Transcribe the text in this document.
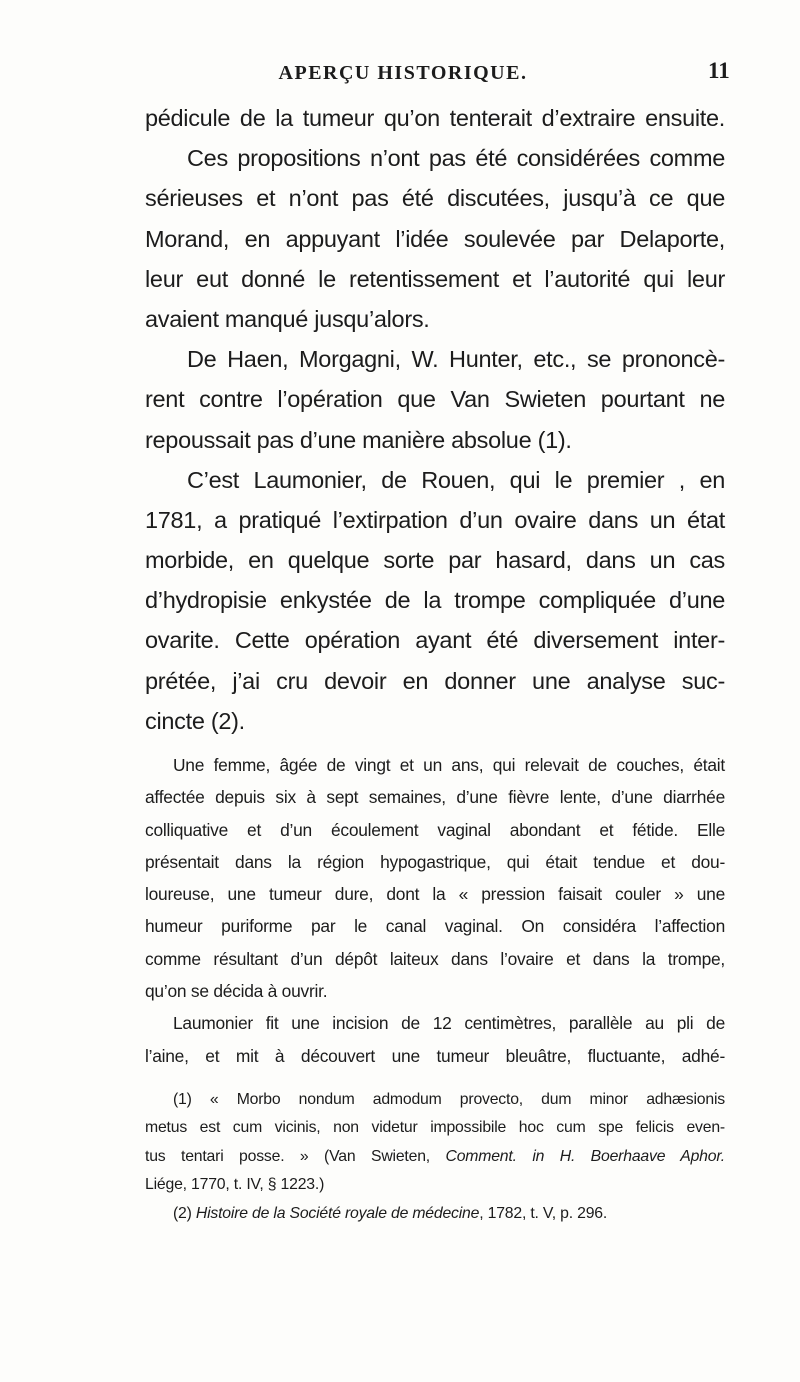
APERÇU HISTORIQUE.	11
pédicule de la tumeur qu’on tenterait d’extraire ensuite.
Ces propositions n’ont pas été considérées comme
sérieuses et n’ont pas été discutées, jusqu’à ce que
Morand, en appuyant l’idée soulevée par Delaporte,
leur eut donné le retentissement et l’autorité qui leur
avaient manqué jusqu’alors.
De Haen, Morgagni, W. Hunter, etc., se prononcè-
rent contre l’opération que Van Swieten pourtant ne
repoussait pas d’une manière absolue (1).
C’est Laumonier, de Rouen, qui le premier , en
1781, a pratiqué l’extirpation d’un ovaire dans un état
morbide, en quelque sorte par hasard, dans un cas
d’hydropisie enkystée de la trompe compliquée d’une
ovarite. Cette opération ayant été diversement inter-
prétée, j’ai cru devoir en donner une analyse suc-
cincte (2).
Une femme, âgée de vingt et un ans, qui relevait de couches, était
affectée depuis six à sept semaines, d’une fièvre lente, d’une diarrhée
colliquative et d’un écoulement vaginal abondant et fétide. Elle
présentait dans la région hypogastrique, qui était tendue et dou-
loureuse, une tumeur dure, dont la « pression faisait couler » une
humeur puriforme par le canal vaginal. On considéra l’affection
comme résultant d’un dépôt laiteux dans l’ovaire et dans la trompe,
qu’on se décida à ouvrir.
Laumonier fit une incision de 12 centimètres, parallèle au pli de
l’aine, et mit à découvert une tumeur bleuâtre, fluctuante, adhé-
(1) « Morbo nondum admodum provecto, dum minor adhæsionis
metus est cum vicinis, non videtur impossibile hoc cum spe felicis even-
tus tentari posse. » (Van Swieten, Comment. in H. Boerhaave Aphor.
Liége, 1770, t. IV, § 1223.)
(2) Histoire de la Société royale de médecine, 1782, t. V, p. 296.
